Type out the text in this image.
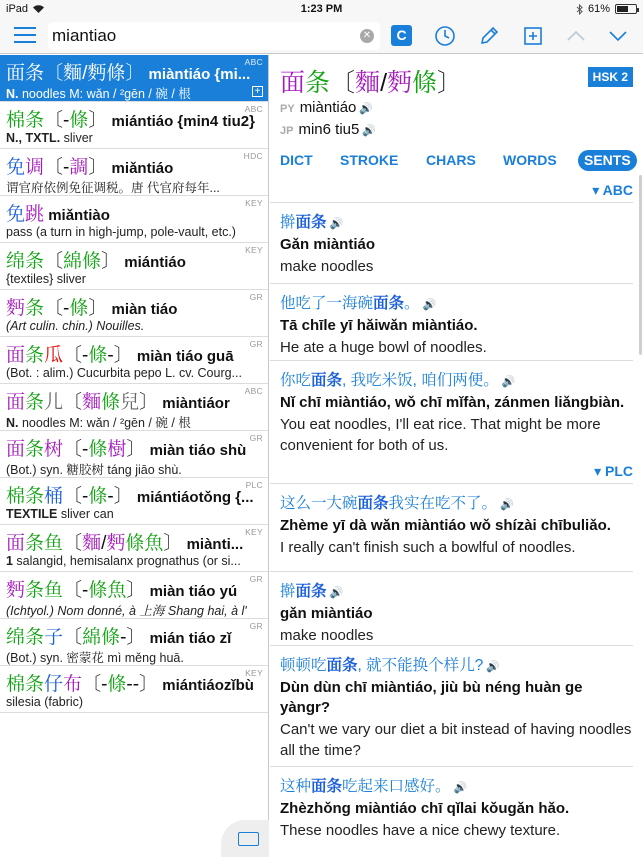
iPad	1:23 PM	61%
miantiao
✕	C
面条〔麵/麪條〕 miàntiáo {mi...
N. noodles M: wǎn / ²gēn / 碗 / 根
ABC
+
棉条〔-條〕 miántiáo {min4 tiu2}
N., TXTL. sliver
ABC
免调〔-調〕 miǎntiáo
谓官府依例免征调税。唐 代官府每年...
HDC
免跳 miǎntiào
pass (a turn in high-jump, pole-vault, etc.)
KEY
绵条〔綿條〕 miántiáo
{textiles} sliver
KEY
麪条〔-條〕 miàn tiáo
(Art culin. chin.) Nouilles.
GR
面条瓜〔-條-〕 miàn tiáo guā
(Bot. : alim.) Cucurbita pepo L. cv. Courg...
GR
面条儿〔麵條兒〕 miàntiáor
N. noodles M: wǎn / ²gēn / 碗 / 根
ABC
面条树〔-條樹〕 miàn tiáo shù
(Bot.) syn. 糖胶树 táng jiāo shù.
GR
棉条桶〔-條-〕 miántiáotǒng {...
TEXTILE sliver can
PLC
面条鱼〔麵/麪條魚〕 miànti...
1 salangid, hemisalanx prognathus (or si...
KEY
麪条鱼〔-條魚〕 miàn tiáo yú
(Ichtyol.) Nom donné, à 上海 Shang hai, à l'
GR
绵条子〔綿條-〕 mián tiáo zǐ
(Bot.) syn. 密蒙花 mì měng huā.
GR
棉条仔布〔-條--〕 miántiáozǐbù
silesia (fabric)
KEY
面条〔麵/麪條〕	HSK 2
PY miàntiáo 🔊
JP min6 tiu5 🔊
DICT STROKE CHARS WORDS	SENTS
▾ ABC
擀面条 🔊
Gǎn miàntiáo
make noodles
他吃了一海碗面条。 🔊
Tā chīle yī hǎiwǎn miàntiáo.
He ate a huge bowl of noodles.
你吃面条, 我吃米饭, 咱们两便。 🔊
Nǐ chī miàntiáo, wǒ chī mǐfàn, zánmen liǎngbiàn.
You eat noodles, I'll eat rice. That might be more convenient for both of us.
▾ PLC
这么一大碗面条我实在吃不了。 🔊
Zhème yī dà wǎn miàntiáo wǒ shízài chībuliǎo.
I really can't finish such a bowlful of noodles.
擀面条 🔊
gǎn miàntiáo
make noodles
顿顿吃面条, 就不能换个样儿? 🔊
Dùn dùn chī miàntiáo, jiù bù néng huàn ge yàngr?
Can't we vary our diet a bit instead of having noodles all the time?
这种面条吃起来口感好。 🔊
Zhèzhǒng miàntiáo chī qǐlai kǒugǎn hǎo.
These noodles have a nice chewy texture.
